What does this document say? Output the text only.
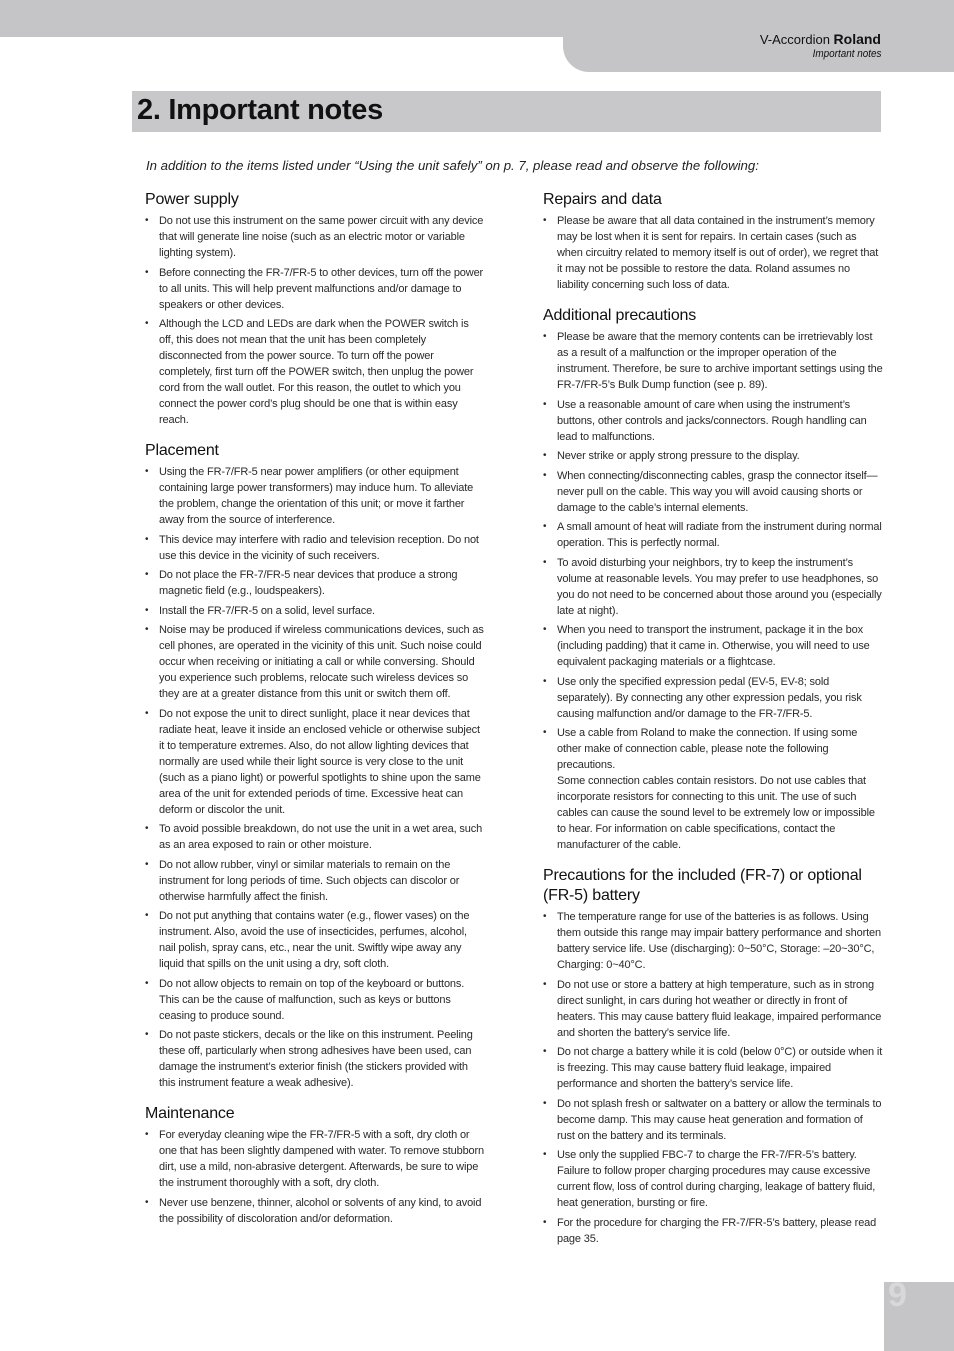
V-Accordion Roland
Important notes
2. Important notes
In addition to the items listed under “Using the unit safely” on p. 7, please read and observe the following:
Power supply
• Do not use this instrument on the same power circuit with any device that will generate line noise (such as an electric motor or variable lighting system).
• Before connecting the FR-7/FR-5 to other devices, turn off the power to all units. This will help prevent malfunctions and/or damage to speakers or other devices.
• Although the LCD and LEDs are dark when the POWER switch is off, this does not mean that the unit has been completely disconnected from the power source. To turn off the power completely, first turn off the POWER switch, then unplug the power cord from the wall outlet. For this reason, the outlet to which you connect the power cord’s plug should be one that is within easy reach.
Placement
• Using the FR-7/FR-5 near power amplifiers (or other equipment containing large power transformers) may induce hum. To alleviate the problem, change the orientation of this unit; or move it farther away from the source of interference.
• This device may interfere with radio and television reception. Do not use this device in the vicinity of such receivers.
• Do not place the FR-7/FR-5 near devices that produce a strong magnetic field (e.g., loudspeakers).
• Install the FR-7/FR-5 on a solid, level surface.
• Noise may be produced if wireless communications devices, such as cell phones, are operated in the vicinity of this unit. Such noise could occur when receiving or initiating a call or while conversing. Should you experience such problems, relocate such wireless devices so they are at a greater distance from this unit or switch them off.
• Do not expose the unit to direct sunlight, place it near devices that radiate heat, leave it inside an enclosed vehicle or otherwise subject it to temperature extremes. Also, do not allow lighting devices that normally are used while their light source is very close to the unit (such as a piano light) or powerful spotlights to shine upon the same area of the unit for extended periods of time. Excessive heat can deform or discolor the unit.
• To avoid possible breakdown, do not use the unit in a wet area, such as an area exposed to rain or other moisture.
• Do not allow rubber, vinyl or similar materials to remain on the instrument for long periods of time. Such objects can discolor or otherwise harmfully affect the finish.
• Do not put anything that contains water (e.g., flower vases) on the instrument. Also, avoid the use of insecticides, perfumes, alcohol, nail polish, spray cans, etc., near the unit. Swiftly wipe away any liquid that spills on the unit using a dry, soft cloth.
• Do not allow objects to remain on top of the keyboard or buttons. This can be the cause of malfunction, such as keys or buttons ceasing to produce sound.
• Do not paste stickers, decals or the like on this instrument. Peeling these off, particularly when strong adhesives have been used, can damage the instrument’s exterior finish (the stickers provided with this instrument feature a weak adhesive).
Maintenance
• For everyday cleaning wipe the FR-7/FR-5 with a soft, dry cloth or one that has been slightly dampened with water. To remove stubborn dirt, use a mild, non-abrasive detergent. Afterwards, be sure to wipe the instrument thoroughly with a soft, dry cloth.
• Never use benzene, thinner, alcohol or solvents of any kind, to avoid the possibility of discoloration and/or deformation.
Repairs and data
• Please be aware that all data contained in the instrument’s memory may be lost when it is sent for repairs. In certain cases (such as when circuitry related to memory itself is out of order), we regret that it may not be possible to restore the data. Roland assumes no liability concerning such loss of data.
Additional precautions
• Please be aware that the memory contents can be irretrievably lost as a result of a malfunction or the improper operation of the instrument. Therefore, be sure to archive important settings using the FR-7/FR-5’s Bulk Dump function (see p. 89).
• Use a reasonable amount of care when using the instrument’s buttons, other controls and jacks/connectors. Rough handling can lead to malfunctions.
• Never strike or apply strong pressure to the display.
• When connecting/disconnecting cables, grasp the connector itself—never pull on the cable. This way you will avoid causing shorts or damage to the cable’s internal elements.
• A small amount of heat will radiate from the instrument during normal operation. This is perfectly normal.
• To avoid disturbing your neighbors, try to keep the instrument’s volume at reasonable levels. You may prefer to use headphones, so you do not need to be concerned about those around you (especially late at night).
• When you need to transport the instrument, package it in the box (including padding) that it came in. Otherwise, you will need to use equivalent packaging materials or a flightcase.
• Use only the specified expression pedal (EV-5, EV-8; sold separately). By connecting any other expression pedals, you risk causing malfunction and/or damage to the FR-7/FR-5.
• Use a cable from Roland to make the connection. If using some other make of connection cable, please note the following precautions.
Some connection cables contain resistors. Do not use cables that incorporate resistors for connecting to this unit. The use of such cables can cause the sound level to be extremely low or impossible to hear. For information on cable specifications, contact the manufacturer of the cable.
Precautions for the included (FR-7) or optional (FR-5) battery
• The temperature range for use of the batteries is as follows. Using them outside this range may impair battery performance and shorten battery service life. Use (discharging): 0~50°C, Storage: –20~30°C, Charging: 0~40°C.
• Do not use or store a battery at high temperature, such as in strong direct sunlight, in cars during hot weather or directly in front of heaters. This may cause battery fluid leakage, impaired performance and shorten the battery’s service life.
• Do not charge a battery while it is cold (below 0°C) or outside when it is freezing. This may cause battery fluid leakage, impaired performance and shorten the battery’s service life.
• Do not splash fresh or saltwater on a battery or allow the terminals to become damp. This may cause heat generation and formation of rust on the battery and its terminals.
• Use only the supplied FBC-7 to charge the FR-7/FR-5’s battery. Failure to follow proper charging procedures may cause excessive current flow, loss of control during charging, leakage of battery fluid, heat generation, bursting or fire.
• For the procedure for charging the FR-7/FR-5’s battery, please read page 35.
9
